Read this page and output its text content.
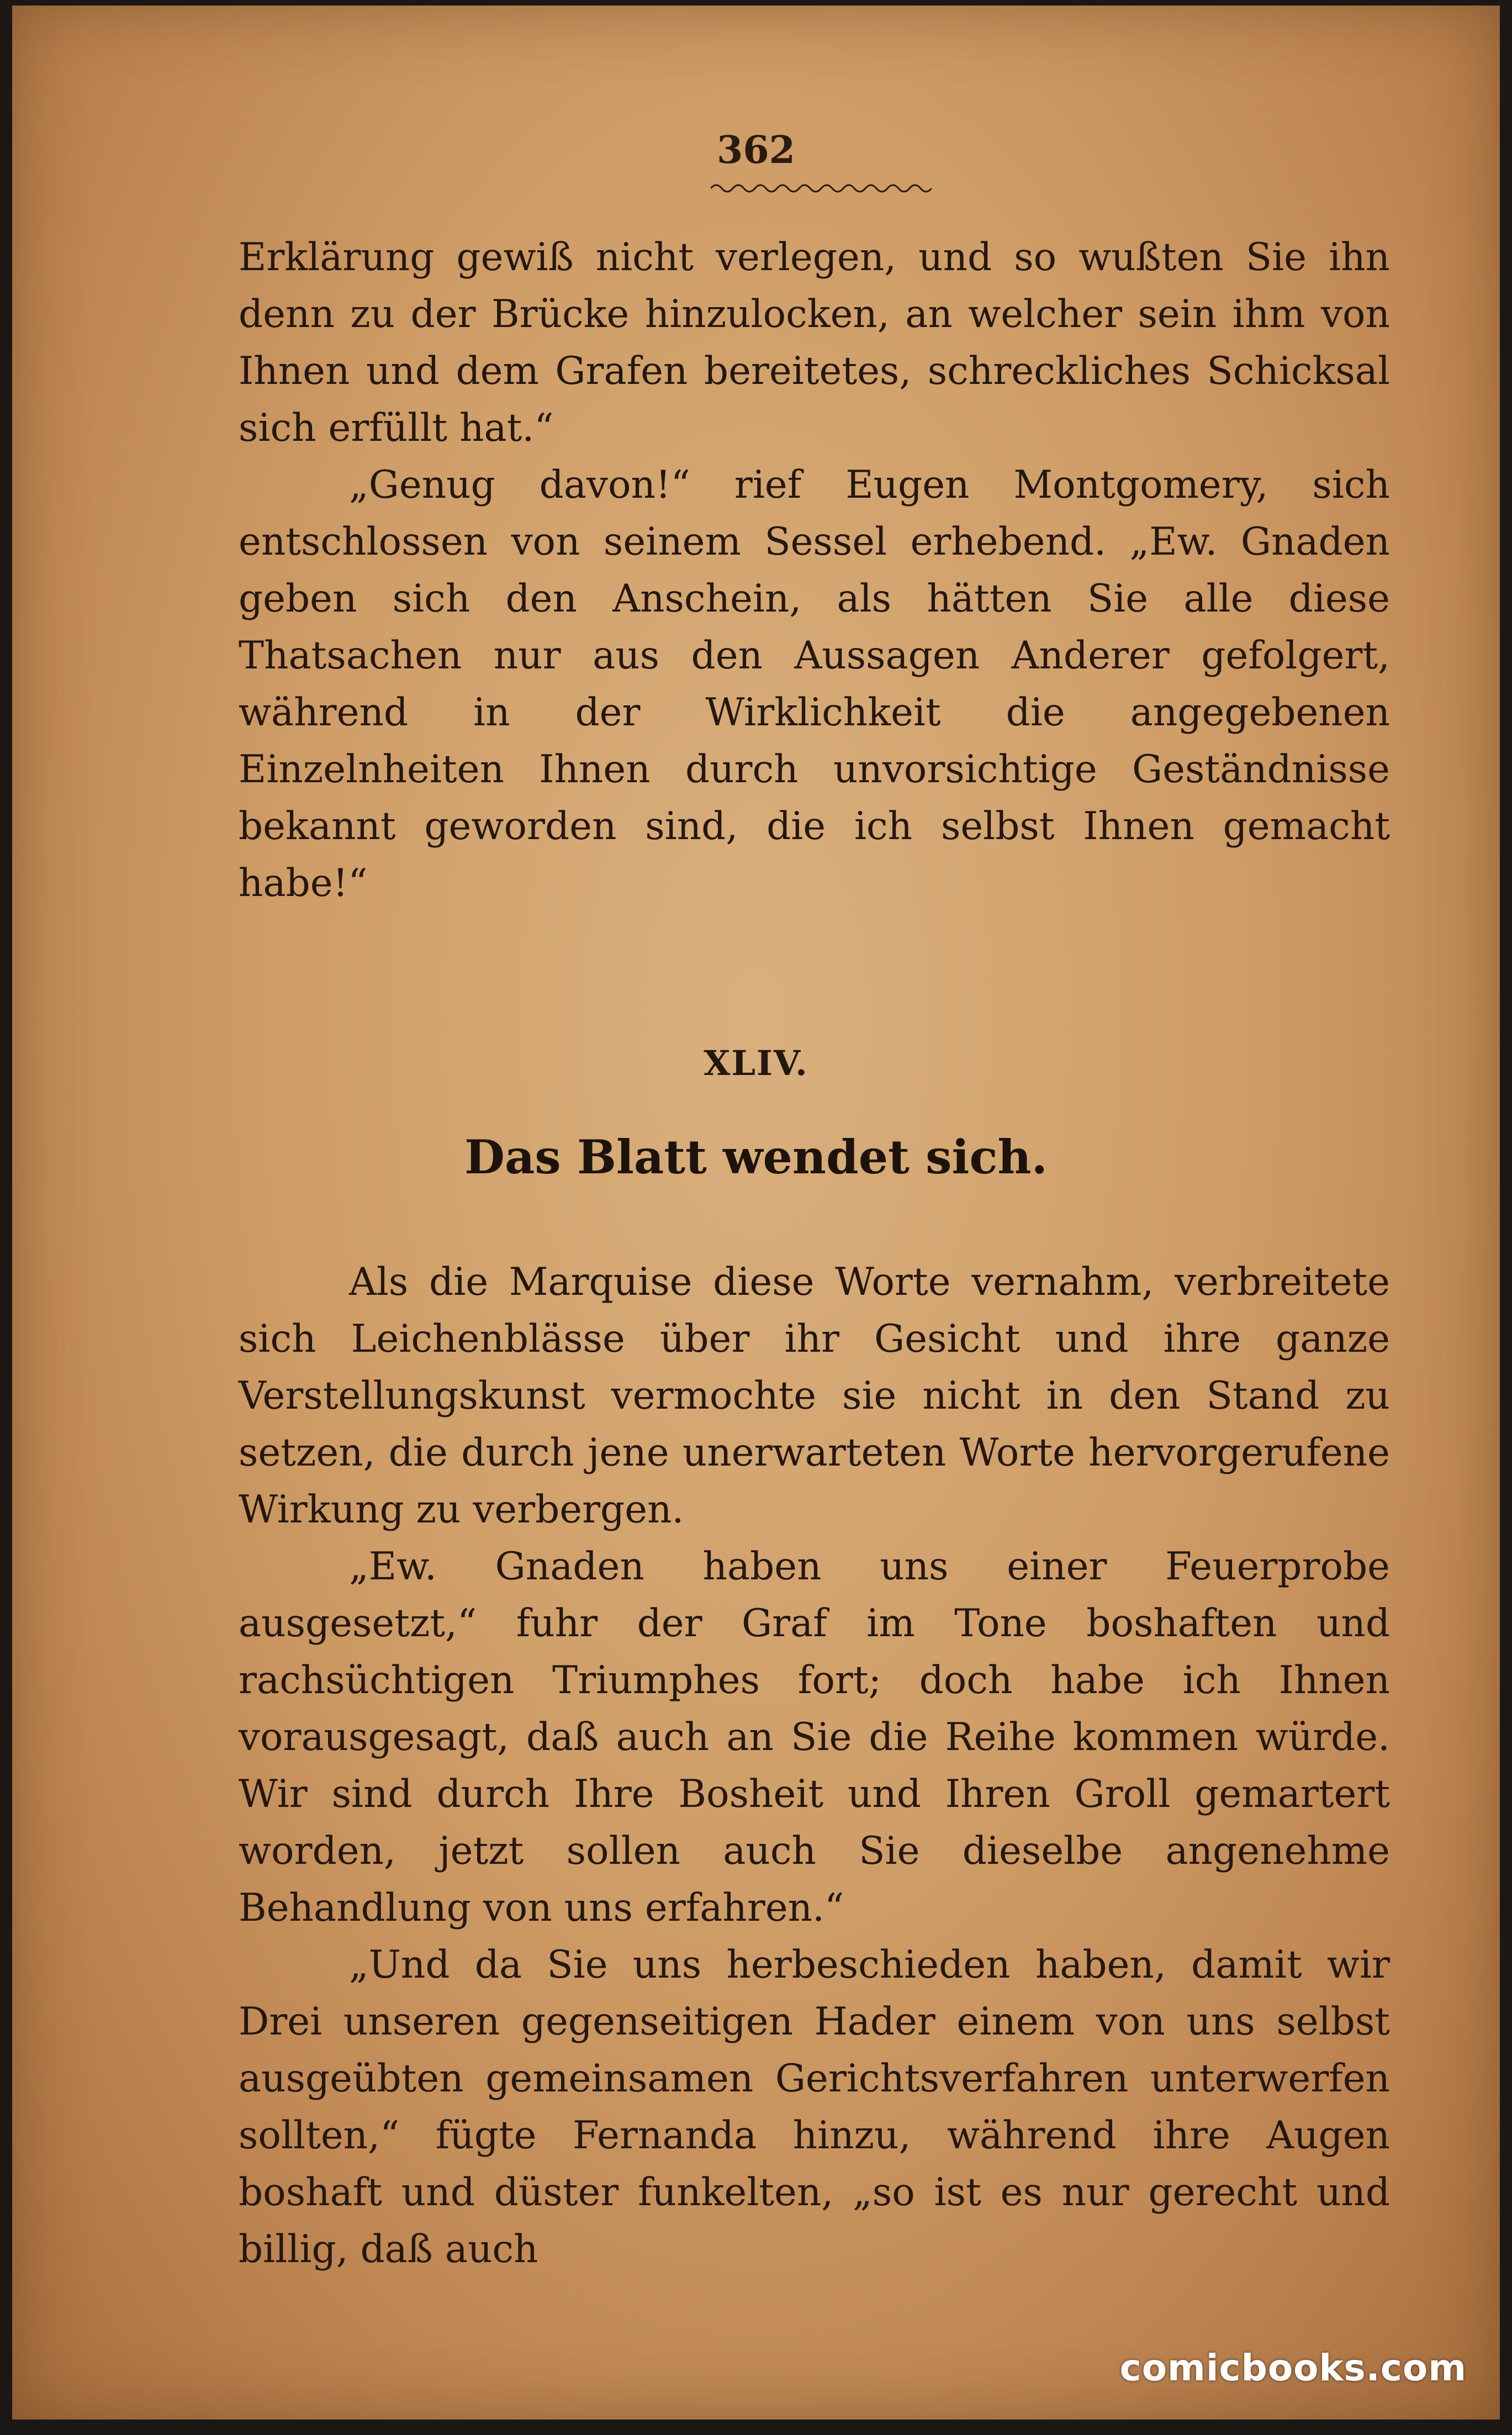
362

Erklärung gewiß nicht verlegen, und so wußten Sie ihn denn zu der Brücke hinzulocken, an welcher sein ihm von Ihnen und dem Grafen bereitetes, schreckliches Schicksal sich erfüllt hat.“

„Genug davon!“ rief Eugen Montgomery, sich entschlossen von seinem Sessel erhebend. „Ew. Gnaden geben sich den Anschein, als hätten Sie alle diese Thatsachen nur aus den Aussagen Anderer gefolgert, während in der Wirklichkeit die angegebenen Einzelnheiten Ihnen durch unvorsichtige Geständnisse bekannt geworden sind, die ich selbst Ihnen gemacht habe!“

XLIV.
Das Blatt wendet sich.

Als die Marquise diese Worte vernahm, verbreitete sich Leichenblässe über ihr Gesicht und ihre ganze Verstellungskunst vermochte sie nicht in den Stand zu setzen, die durch jene unerwarteten Worte hervorgerufene Wirkung zu verbergen.

„Ew. Gnaden haben uns einer Feuerprobe ausgesetzt,“ fuhr der Graf im Tone boshaften und rachsüchtigen Triumphes fort; doch habe ich Ihnen vorausgesagt, daß auch an Sie die Reihe kommen würde. Wir sind durch Ihre Bosheit und Ihren Groll gemartert worden, jetzt sollen auch Sie dieselbe angenehme Behandlung von uns erfahren.“

„Und da Sie uns herbeschieden haben, damit wir Drei unseren gegenseitigen Hader einem von uns selbst ausgeübten gemeinsamen Gerichtsverfahren unterwerfen sollten,“ fügte Fernanda hinzu, während ihre Augen boshaft und düster funkelten, „so ist es nur gerecht und billig, daß auch

comicbooks.com
